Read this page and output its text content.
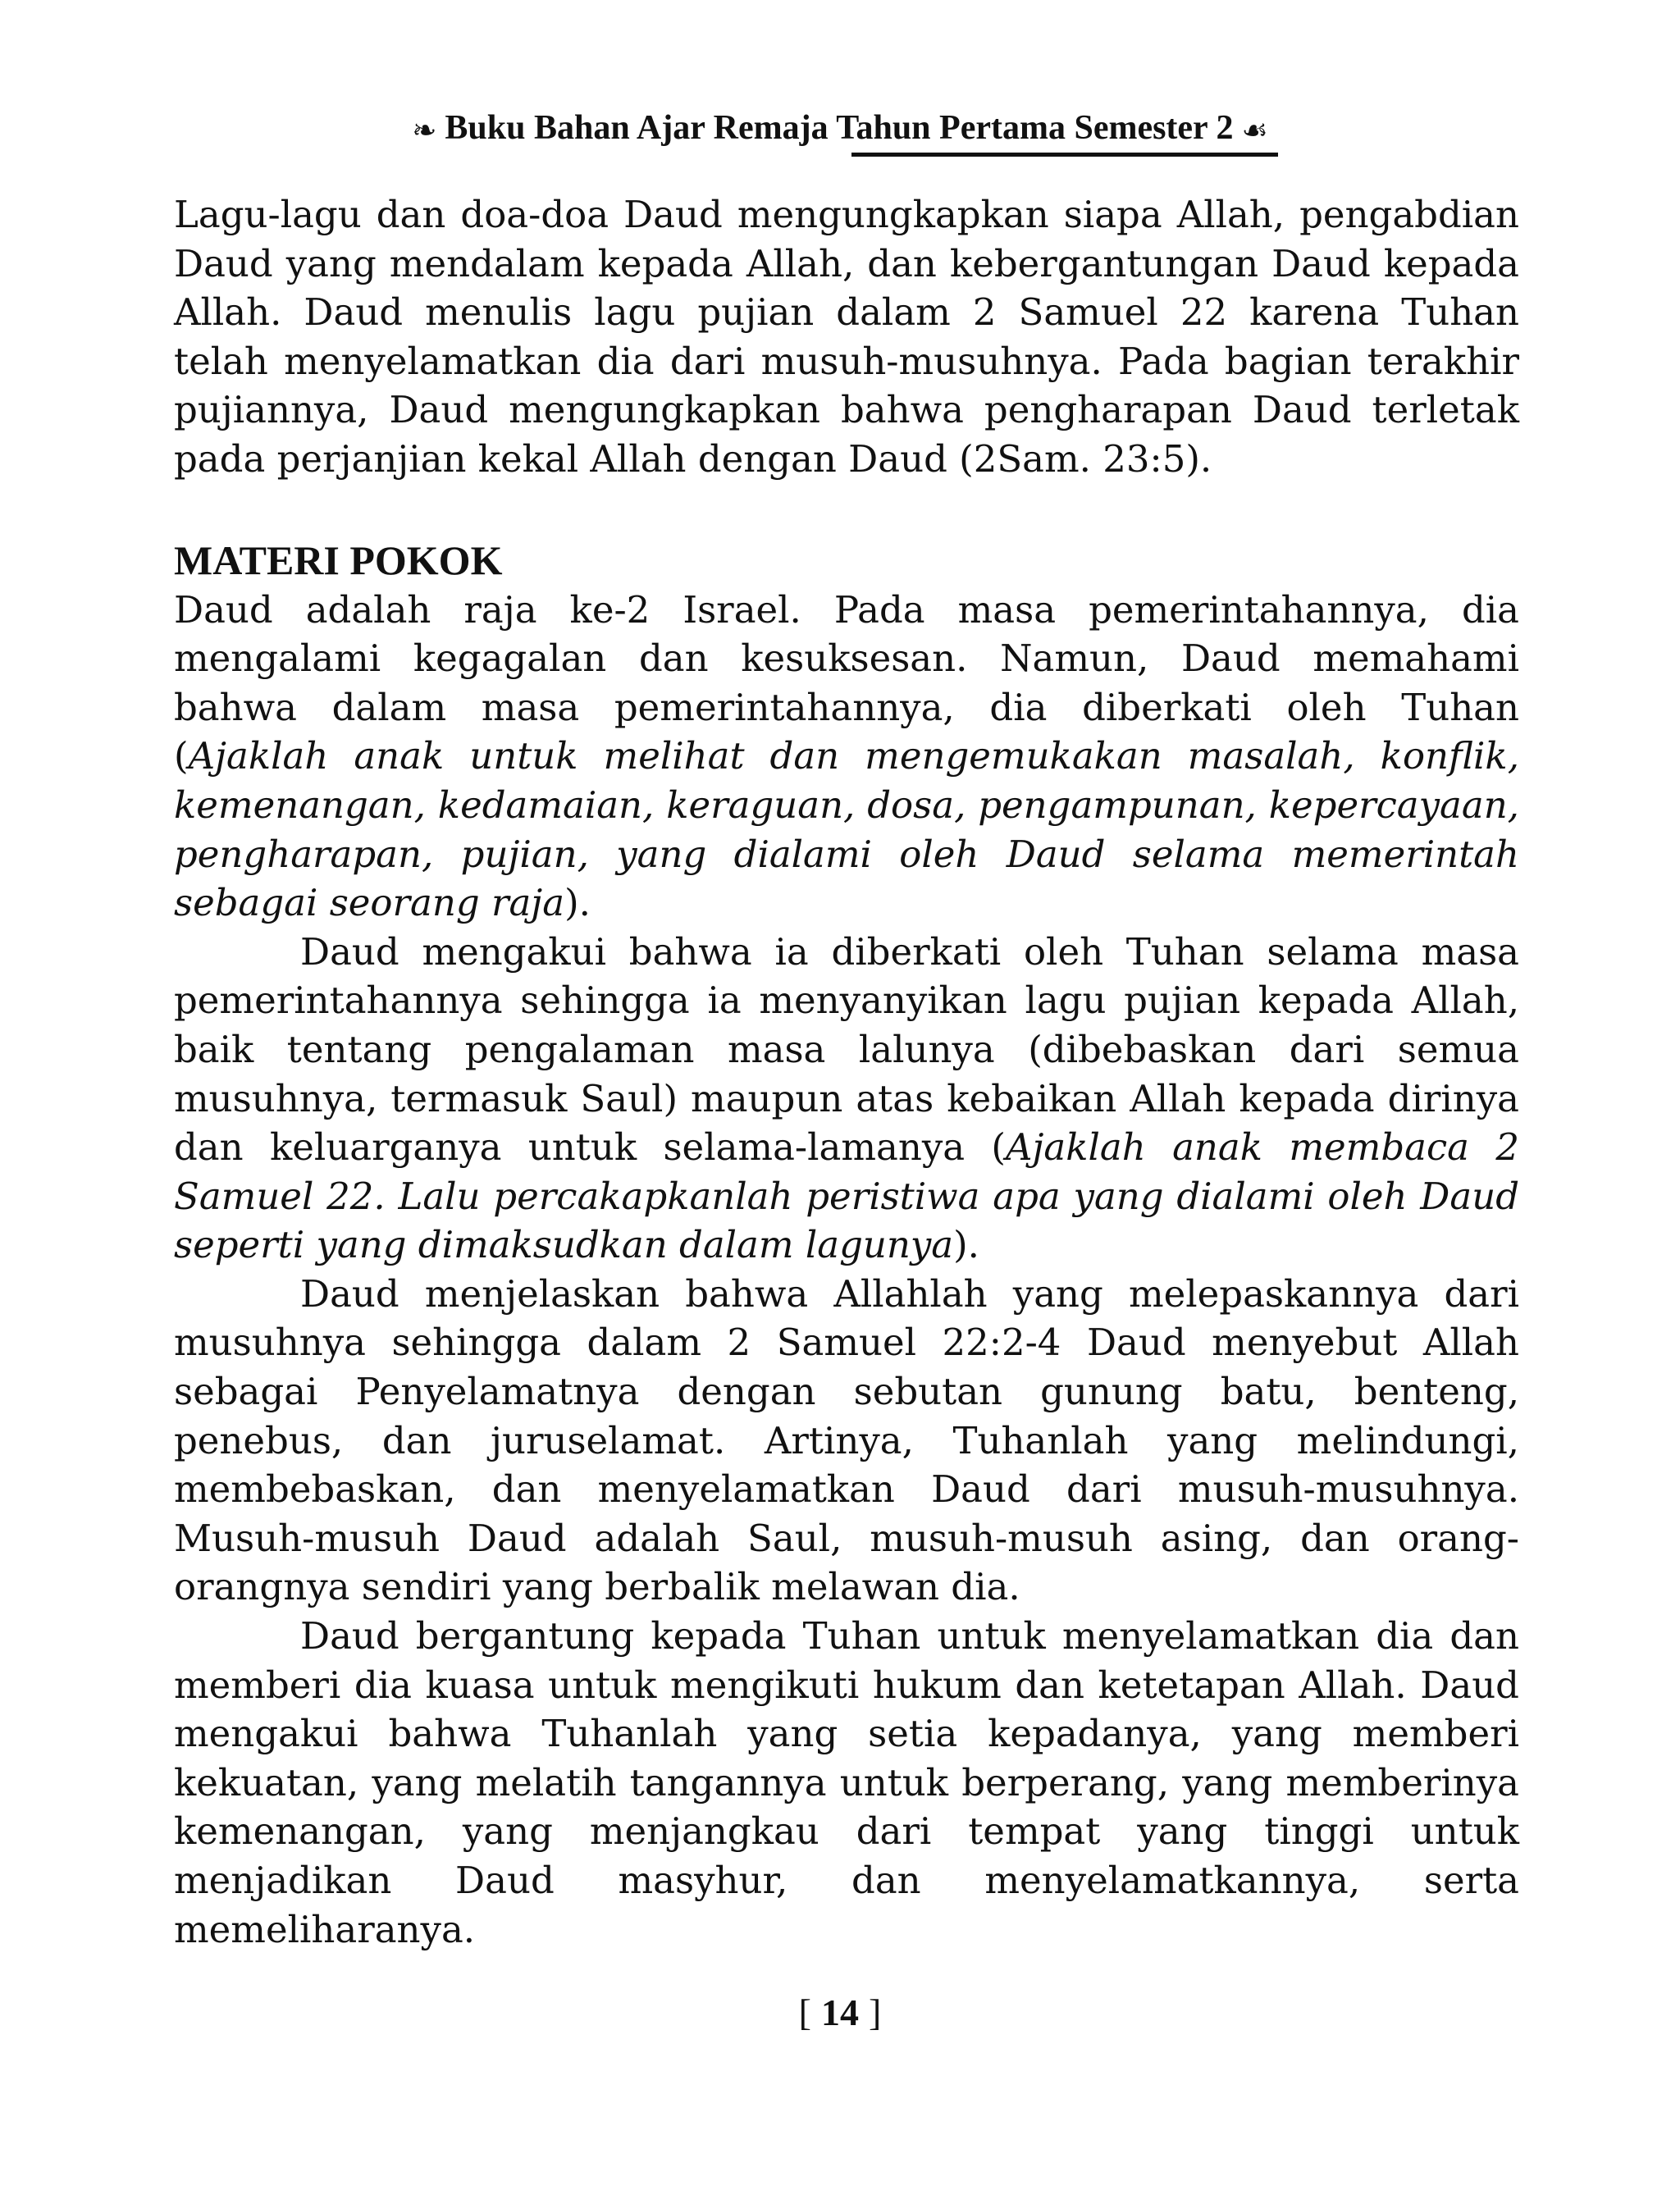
❧ Buku Bahan Ajar Remaja Tahun Pertama Semester 2 ☙

Lagu-lagu dan doa-doa Daud mengungkapkan siapa Allah, pengabdian Daud yang mendalam kepada Allah, dan kebergantungan Daud kepada Allah. Daud menulis lagu pujian dalam 2 Samuel 22 karena Tuhan telah menyelamatkan dia dari musuh-musuhnya. Pada bagian terakhir pujiannya, Daud mengungkapkan bahwa pengharapan Daud terletak pada perjanjian kekal Allah dengan Daud (2Sam. 23:5).

MATERI POKOK

Daud adalah raja ke-2 Israel. Pada masa pemerintahannya, dia mengalami kegagalan dan kesuksesan. Namun, Daud memahami bahwa dalam masa pemerintahannya, dia diberkati oleh Tuhan (Ajaklah anak untuk melihat dan mengemukakan masalah, konflik, kemenangan, kedamaian, keraguan, dosa, pengampunan, kepercayaan, pengharapan, pujian, yang dialami oleh Daud selama memerintah sebagai seorang raja).

Daud mengakui bahwa ia diberkati oleh Tuhan selama masa pemerintahannya sehingga ia menyanyikan lagu pujian kepada Allah, baik tentang pengalaman masa lalunya (dibebaskan dari semua musuhnya, termasuk Saul) maupun atas kebaikan Allah kepada dirinya dan keluarganya untuk selama-lamanya (Ajaklah anak membaca 2 Samuel 22. Lalu percakapkanlah peristiwa apa yang dialami oleh Daud seperti yang dimaksudkan dalam lagunya).

Daud menjelaskan bahwa Allahlah yang melepaskannya dari musuhnya sehingga dalam 2 Samuel 22:2-4 Daud menyebut Allah sebagai Penyelamatnya dengan sebutan gunung batu, benteng, penebus, dan juruselamat. Artinya, Tuhanlah yang melindungi, membebaskan, dan menyelamatkan Daud dari musuh-musuhnya. Musuh-musuh Daud adalah Saul, musuh-musuh asing, dan orang-orangnya sendiri yang berbalik melawan dia.

Daud bergantung kepada Tuhan untuk menyelamatkan dia dan memberi dia kuasa untuk mengikuti hukum dan ketetapan Allah. Daud mengakui bahwa Tuhanlah yang setia kepadanya, yang memberi kekuatan, yang melatih tangannya untuk berperang, yang memberinya kemenangan, yang menjangkau dari tempat yang tinggi untuk menjadikan Daud masyhur, dan menyelamatkannya, serta memeliharanya.

[ 14 ]
